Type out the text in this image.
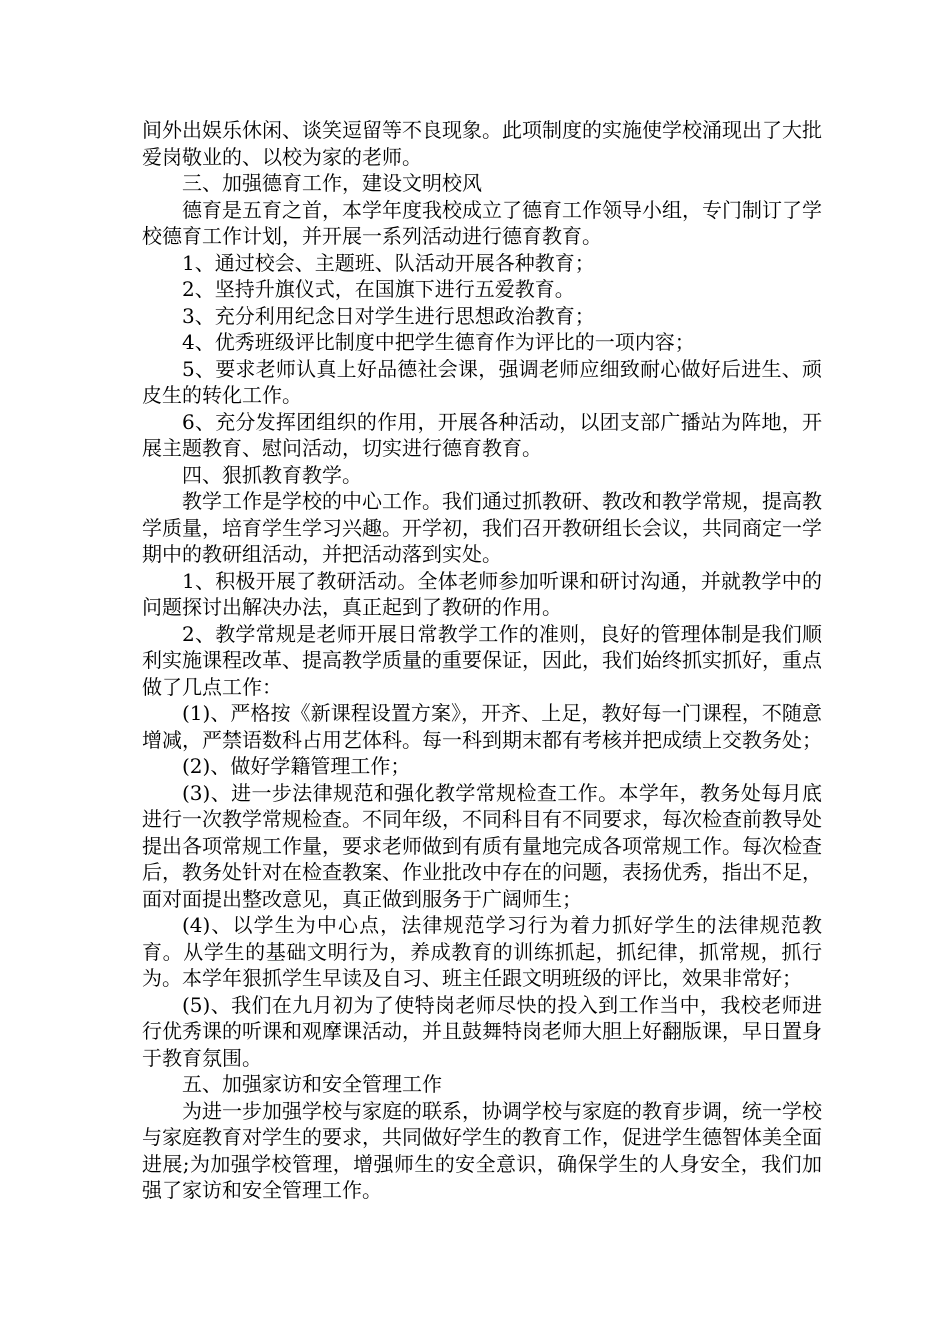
间外出娱乐休闲、谈笑逗留等不良现象。此项制度的实施使学校涌现出了大批爱岗敬业的、以校为家的老师。

三、加强德育工作，建设文明校风

德育是五育之首，本学年度我校成立了德育工作领导小组，专门制订了学校德育工作计划，并开展一系列活动进行德育教育。

1、通过校会、主题班、队活动开展各种教育；

2、坚持升旗仪式，在国旗下进行五爱教育。

3、充分利用纪念日对学生进行思想政治教育；

4、优秀班级评比制度中把学生德育作为评比的一项内容；

5、要求老师认真上好品德社会课，强调老师应细致耐心做好后进生、顽皮生的转化工作。

6、充分发挥团组织的作用，开展各种活动，以团支部广播站为阵地，开展主题教育、慰问活动，切实进行德育教育。

四、狠抓教育教学。

教学工作是学校的中心工作。我们通过抓教研、教改和教学常规，提高教学质量，培育学生学习兴趣。开学初，我们召开教研组长会议，共同商定一学期中的教研组活动，并把活动落到实处。

1、积极开展了教研活动。全体老师参加听课和研讨沟通，并就教学中的问题探讨出解决办法，真正起到了教研的作用。

2、教学常规是老师开展日常教学工作的准则，良好的管理体制是我们顺利实施课程改革、提高教学质量的重要保证，因此，我们始终抓实抓好，重点做了几点工作：

(1)、严格按《新课程设置方案》，开齐、上足，教好每一门课程，不随意增减，严禁语数科占用艺体科。每一科到期末都有考核并把成绩上交教务处；

(2)、做好学籍管理工作；

(3)、进一步法律规范和强化教学常规检查工作。本学年，教务处每月底进行一次教学常规检查。不同年级，不同科目有不同要求，每次检查前教导处提出各项常规工作量，要求老师做到有质有量地完成各项常规工作。每次检查后，教务处针对在检查教案、作业批改中存在的问题，表扬优秀，指出不足，面对面提出整改意见，真正做到服务于广阔师生；

(4)、以学生为中心点，法律规范学习行为着力抓好学生的法律规范教育。从学生的基础文明行为，养成教育的训练抓起，抓纪律，抓常规，抓行为。本学年狠抓学生早读及自习、班主任跟文明班级的评比，效果非常好；

(5)、我们在九月初为了使特岗老师尽快的投入到工作当中，我校老师进行优秀课的听课和观摩课活动，并且鼓舞特岗老师大胆上好翻版课，早日置身于教育氛围。

五、加强家访和安全管理工作

为进一步加强学校与家庭的联系，协调学校与家庭的教育步调，统一学校与家庭教育对学生的要求，共同做好学生的教育工作，促进学生德智体美全面进展;为加强学校管理，增强师生的安全意识，确保学生的人身安全，我们加强了家访和安全管理工作。
